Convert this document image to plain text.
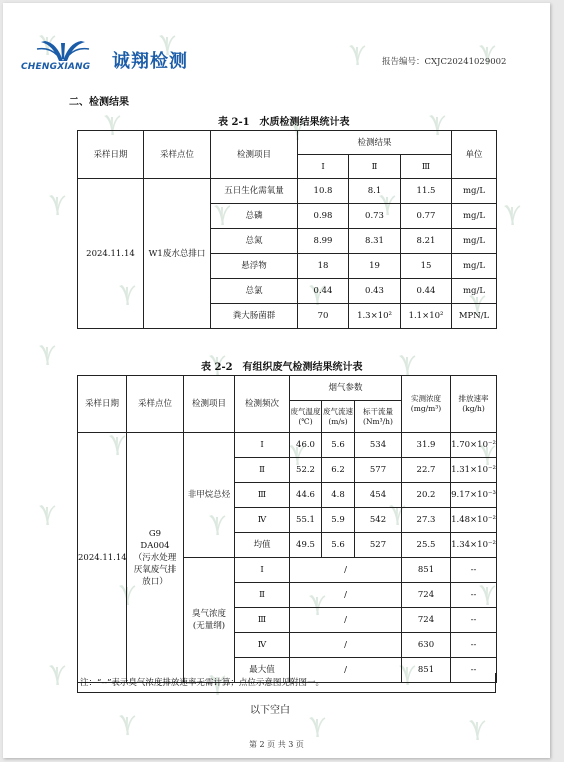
CHENGXIANG 诚翔检测	报告编号：CXJC20241029002
二、检测结果
表 2-1　水质检测结果统计表
采样日期	采样点位	检测项目	检测结果			单位
			Ⅰ	Ⅱ	Ⅲ	
2024.11.14	W1废水总排口	五日生化需氧量	10.8	8.1	11.5	mg/L
		总磷	0.98	0.73	0.77	mg/L
		总氮	8.99	8.31	8.21	mg/L
		悬浮物	18	19	15	mg/L
		总氯	0.44	0.43	0.44	mg/L
		粪大肠菌群	70	1.3×10²	1.1×10²	MPN/L
表 2-2　有组织废气检测结果统计表
采样日期	采样点位	检测项目	检测频次	烟气参数			实测浓度(mg/m³)	排放速率(kg/h)
				废气温度(℃)	废气流速(m/s)	标干流量(Nm³/h)		
2024.11.14	G9
DA004
（污水处理
厌氧废气排
放口）	非甲烷总烃	Ⅰ	46.0	5.6	534	31.9	1.70×10⁻²
			Ⅱ	52.2	6.2	577	22.7	1.31×10⁻²
			Ⅲ	44.6	4.8	454	20.2	9.17×10⁻³
			Ⅳ	55.1	5.9	542	27.3	1.48×10⁻²
			均值	49.5	5.6	527	25.5	1.34×10⁻²

		臭气浓度
(无量纲)	Ⅰ	/			851	--
			Ⅱ	/			724	--
			Ⅲ	/			724	--
			Ⅳ	/			630	--
			最大值	/			851	--
注：“--”表示臭气浓度排放速率无需计算；点位示意图见附图一。
以下空白
第 2 页 共 3 页
